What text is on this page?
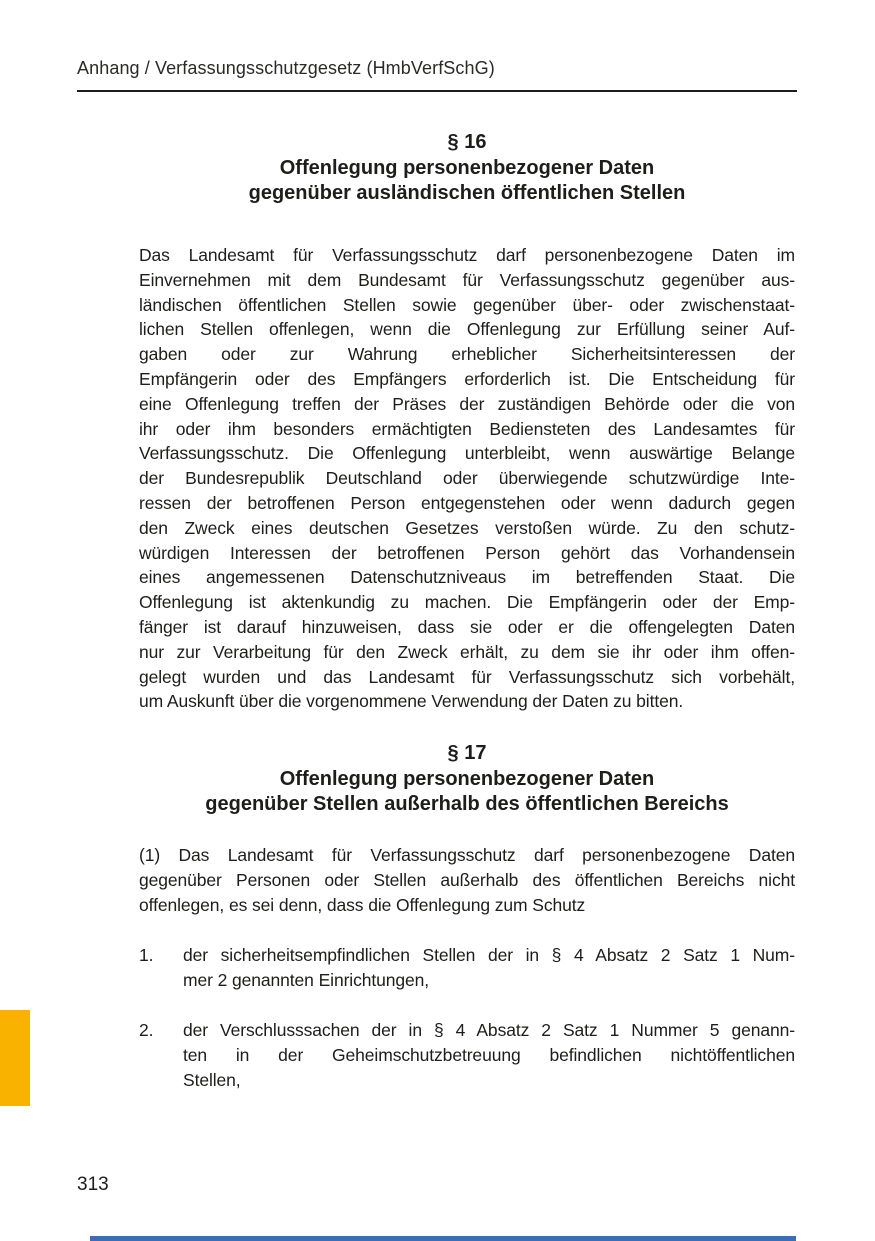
Anhang / Verfassungsschutzgesetz (HmbVerfSchG)
§ 16
Offenlegung personenbezogener Daten
gegenüber ausländischen öffentlichen Stellen
Das Landesamt für Verfassungsschutz darf personenbezogene Daten im
Einvernehmen mit dem Bundesamt für Verfassungsschutz gegenüber aus-
ländischen öffentlichen Stellen sowie gegenüber über- oder zwischenstaat-
lichen Stellen offenlegen, wenn die Offenlegung zur Erfüllung seiner Auf-
gaben oder zur Wahrung erheblicher Sicherheitsinteressen der
Empfängerin oder des Empfängers erforderlich ist. Die Entscheidung für
eine Offenlegung treffen der Präses der zuständigen Behörde oder die von
ihr oder ihm besonders ermächtigten Bediensteten des Landesamtes für
Verfassungsschutz. Die Offenlegung unterbleibt, wenn auswärtige Belange
der Bundesrepublik Deutschland oder überwiegende schutzwürdige Inte-
ressen der betroffenen Person entgegenstehen oder wenn dadurch gegen
den Zweck eines deutschen Gesetzes verstoßen würde. Zu den schutz-
würdigen Interessen der betroffenen Person gehört das Vorhandensein
eines angemessenen Datenschutzniveaus im betreffenden Staat. Die
Offenlegung ist aktenkundig zu machen. Die Empfängerin oder der Emp-
fänger ist darauf hinzuweisen, dass sie oder er die offengelegten Daten
nur zur Verarbeitung für den Zweck erhält, zu dem sie ihr oder ihm offen-
gelegt wurden und das Landesamt für Verfassungsschutz sich vorbehält,
um Auskunft über die vorgenommene Verwendung der Daten zu bitten.
§ 17
Offenlegung personenbezogener Daten
gegenüber Stellen außerhalb des öffentlichen Bereichs
(1) Das Landesamt für Verfassungsschutz darf personenbezogene Daten
gegenüber Personen oder Stellen außerhalb des öffentlichen Bereichs nicht
offenlegen, es sei denn, dass die Offenlegung zum Schutz
1.	der sicherheitsempfindlichen Stellen der in § 4 Absatz 2 Satz 1 Num-
mer 2 genannten Einrichtungen,
2.	der Verschlusssachen der in § 4 Absatz 2 Satz 1 Nummer 5 genann-
ten in der Geheimschutzbetreuung befindlichen nichtöffentlichen
Stellen,
313
